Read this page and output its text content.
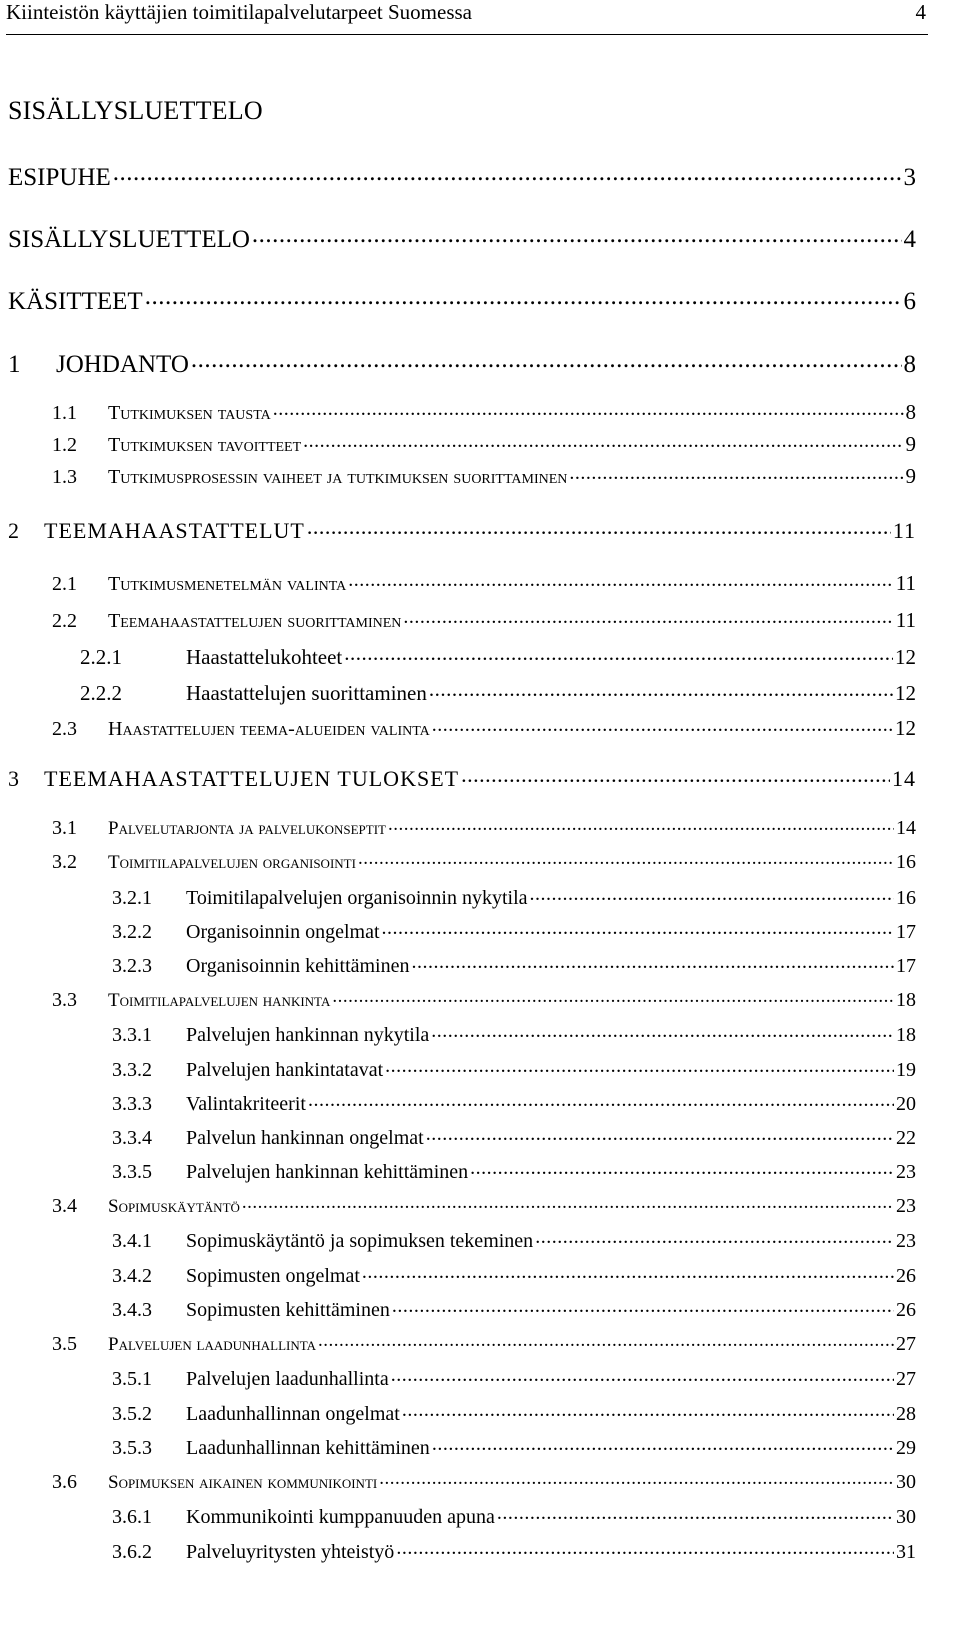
Kiinteistön käyttäjien toimitilapalvelutarpeet Suomessa	4
SISÄLLYSLUETTELO
ESIPUHE .....	3
SISÄLLYSLUETTELO .....	4
KÄSITTEET .....	6
1	JOHDANTO .....	8
1.1	Tutkimuksen tausta .....	8
1.2	Tutkimuksen tavoitteet .....	9
1.3	Tutkimusprosessin vaiheet ja tutkimuksen suorittaminen .....	9
2	TEEMAHAASTATTELUT .....	11
2.1	Tutkimusmenetelmän valinta .....	11
2.2	Teemahaastattelujen suorittaminen .....	11
2.2.1	Haastattelukohteet .....	12
2.2.2	Haastattelujen suorittaminen .....	12
2.3	Haastattelujen teema-alueiden valinta .....	12
3	TEEMAHAASTATTELUJEN TULOKSET .....	14
3.1	Palvelutarjonta ja palvelukonseptit .....	14
3.2	Toimitilapalvelujen organisointi .....	16
3.2.1	Toimitilapalvelujen organisoinnin nykytila .....	16
3.2.2	Organisoinnin ongelmat .....	17
3.2.3	Organisoinnin kehittäminen .....	17
3.3	Toimitilapalvelujen hankinta .....	18
3.3.1	Palvelujen hankinnan nykytila .....	18
3.3.2	Palvelujen hankintatavat .....	19
3.3.3	Valintakriteerit .....	20
3.3.4	Palvelun hankinnan ongelmat .....	22
3.3.5	Palvelujen hankinnan kehittäminen .....	23
3.4	Sopimuskäytäntö .....	23
3.4.1	Sopimuskäytäntö ja sopimuksen tekeminen .....	23
3.4.2	Sopimusten ongelmat .....	26
3.4.3	Sopimusten kehittäminen .....	26
3.5	Palvelujen laadunhallinta .....	27
3.5.1	Palvelujen laadunhallinta .....	27
3.5.2	Laadunhallinnan ongelmat .....	28
3.5.3	Laadunhallinnan kehittäminen .....	29
3.6	Sopimuksen aikainen kommunikointi .....	30
3.6.1	Kommunikointi kumppanuuden apuna .....	30
3.6.2	Palveluyritysten yhteistyö .....	31
